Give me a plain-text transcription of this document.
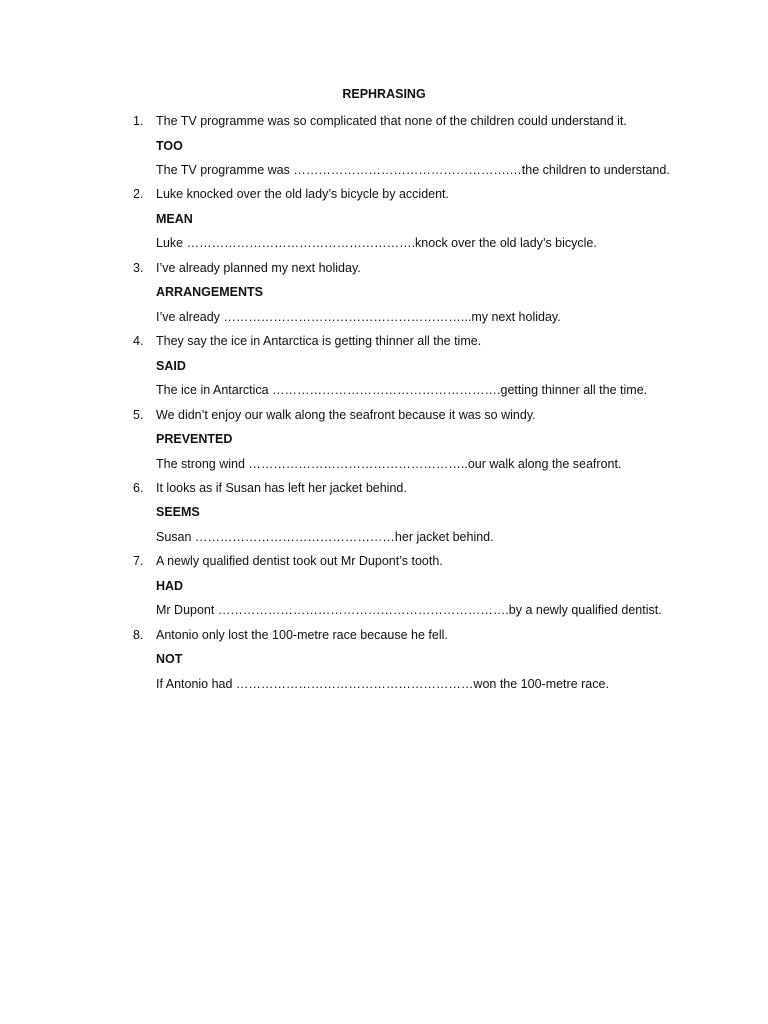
REPHRASING
1. The TV programme was so complicated that none of the children could understand it.
TOO
The TV programme was …………………………………………….…the children to understand.
2. Luke knocked over the old lady’s bicycle by accident.
MEAN
Luke ……………………………………………….knock over the old lady’s bicycle.
3. I’ve already planned my next holiday.
ARRANGEMENTS
I’ve already …………………………………………………...my next holiday.
4. They say the ice in Antarctica is getting thinner all the time.
SAID
The ice in Antarctica ……………………………………………….getting thinner all the time.
5. We didn’t enjoy our walk along the seafront because it was so windy.
PREVENTED
The strong wind ……………………………………………..our walk along the seafront.
6. It looks as if Susan has left her jacket behind.
SEEMS
Susan …………………………………………her jacket behind.
7. A newly qualified dentist took out Mr Dupont’s tooth.
HAD
Mr Dupont …………………………………………………………….by a newly qualified dentist.
8. Antonio only lost the 100-metre race because he fell.
NOT
If Antonio had …………………………………………………won the 100-metre race.
